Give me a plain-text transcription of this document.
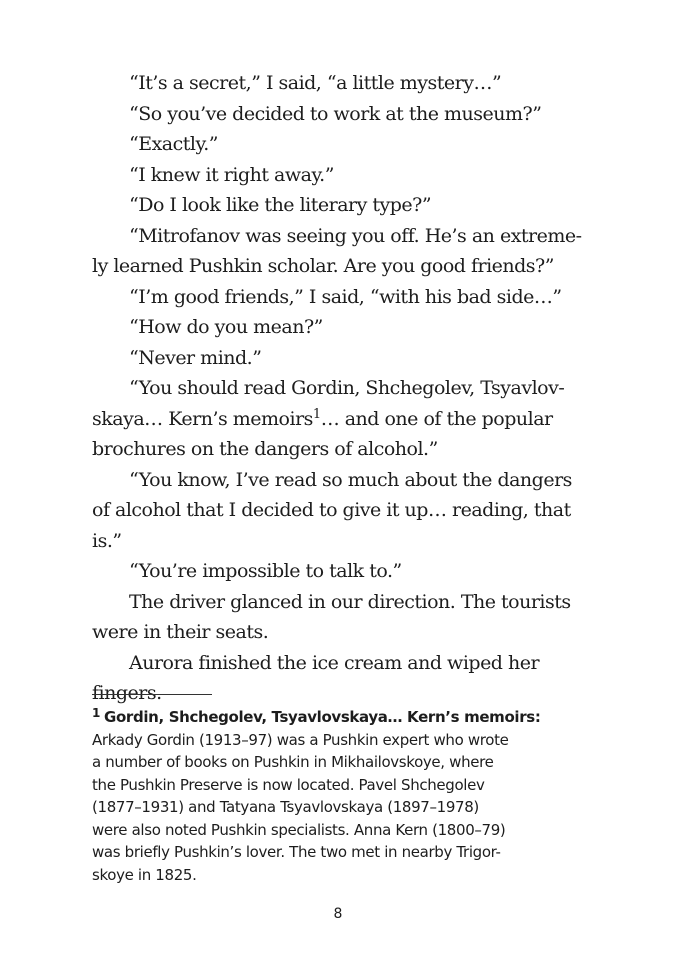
“It’s a secret,” I said, “a little mystery…”
“So you’ve decided to work at the museum?”
“Exactly.”
“I knew it right away.”
“Do I look like the literary type?”
“Mitrofanov was seeing you off. He’s an extreme-
ly learned Pushkin scholar. Are you good friends?”
“I’m good friends,” I said, “with his bad side…”
“How do you mean?”
“Never mind.”
“You should read Gordin, Shchegolev, Tsyavlov-
skaya… Kern’s memoirs$^1$… and one of the popular
brochures on the dangers of alcohol.”
“You know, I’ve read so much about the dangers
of alcohol that I decided to give it up… reading, that
is.”
“You’re impossible to talk to.”
The driver glanced in our direction. The tourists
were in their seats.
Aurora finished the ice cream and wiped her
fingers.
$^1$ Gordin, Shchegolev, Tsyavlovskaya… Kern’s memoirs:
Arkady Gordin (1913–97) was a Pushkin expert who wrote
a number of books on Pushkin in Mikhailovskoye, where
the Pushkin Preserve is now located. Pavel Shchegolev
(1877–1931) and Tatyana Tsyavlovskaya (1897–1978)
were also noted Pushkin specialists. Anna Kern (1800–79)
was briefly Pushkin’s lover. The two met in nearby Trigor-
skoye in 1825.
8
